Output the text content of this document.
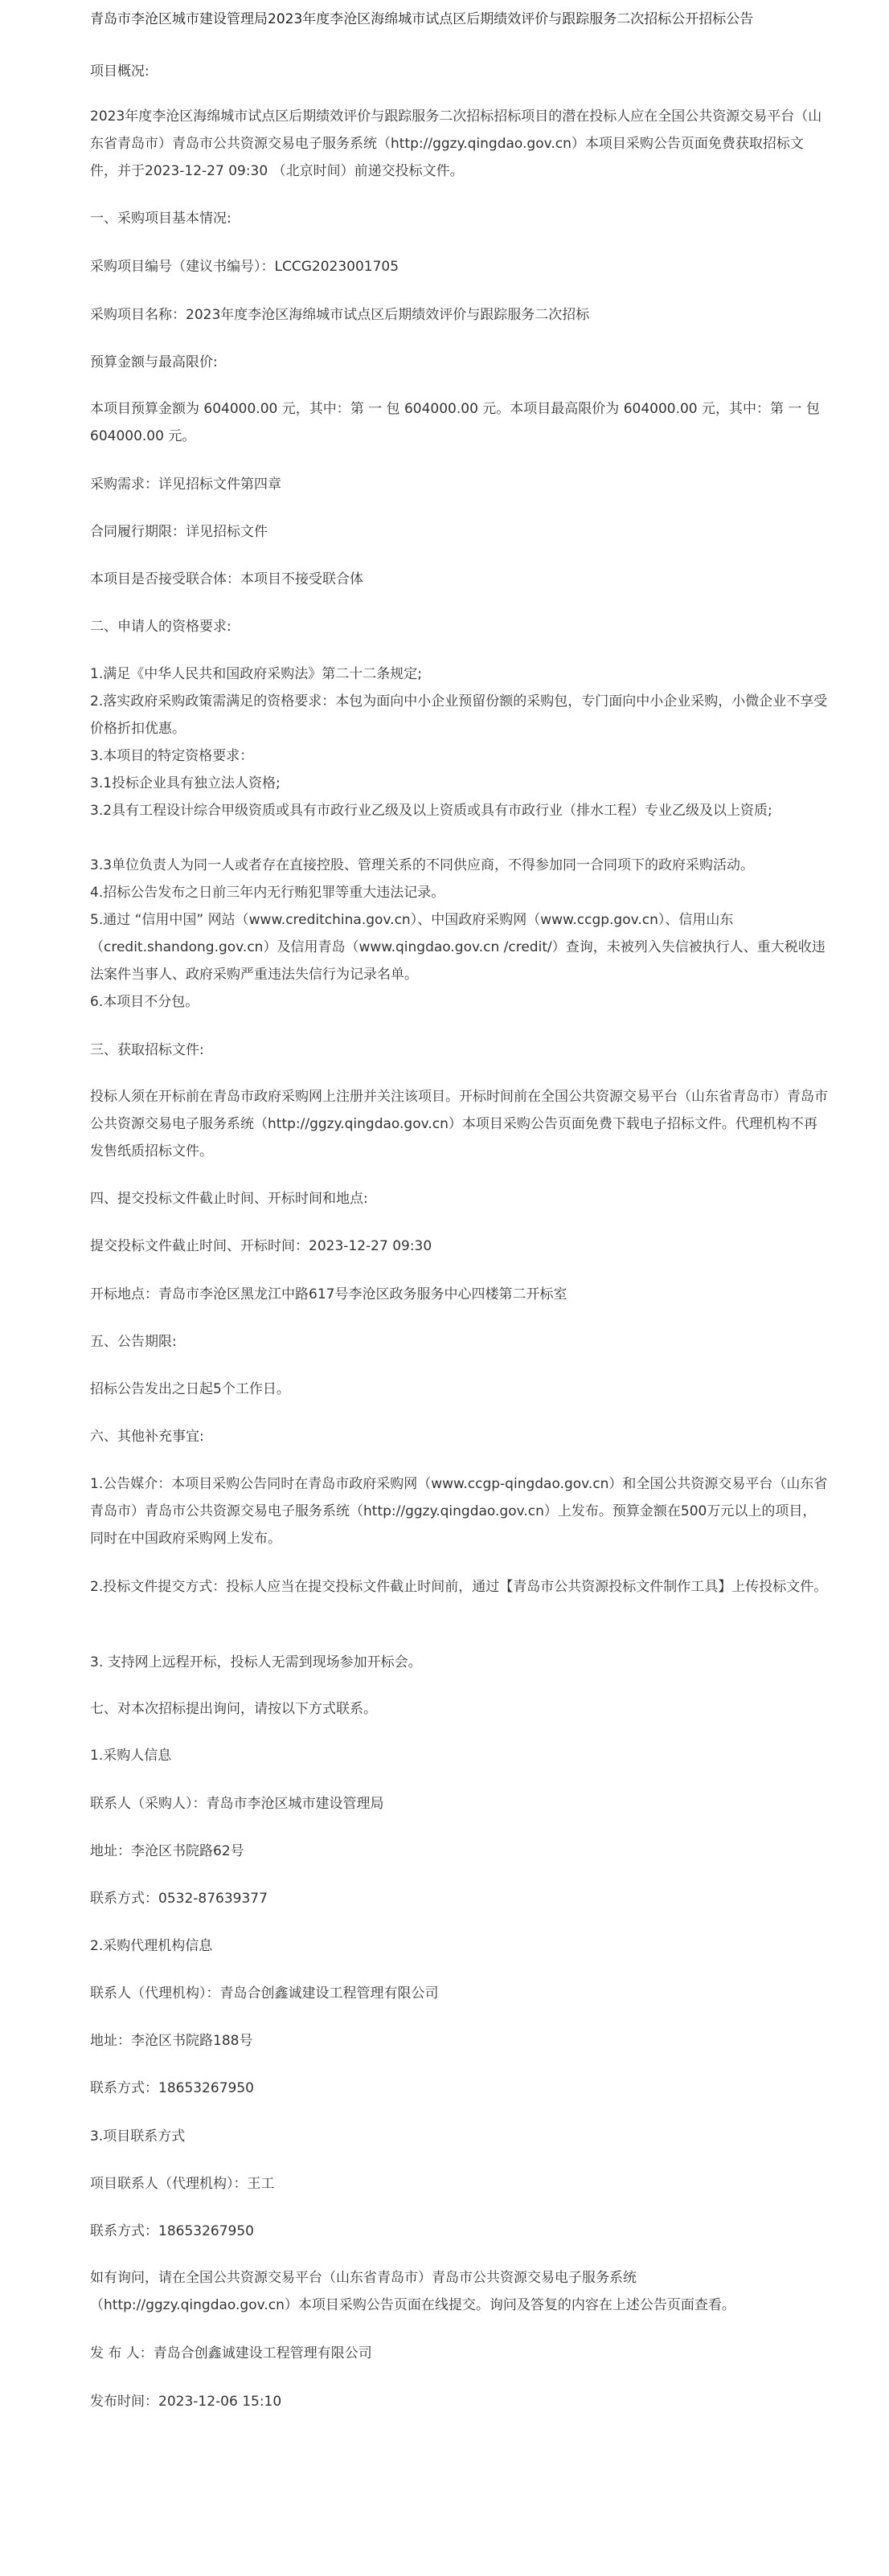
青岛市李沧区城市建设管理局2023年度李沧区海绵城市试点区后期绩效评价与跟踪服务二次招标公开招标公告
项目概况:
2023年度李沧区海绵城市试点区后期绩效评价与跟踪服务二次招标招标项目的潜在投标人应在全国公共资源交易平台（山东省青岛市）青岛市公共资源交易电子服务系统（http://ggzy.qingdao.gov.cn）本项目采购公告页面免费获取招标文件，并于2023-12-27 09:30 （北京时间）前递交投标文件。
一、采购项目基本情况:
采购项目编号（建议书编号）：LCCG2023001705
采购项目名称：2023年度李沧区海绵城市试点区后期绩效评价与跟踪服务二次招标
预算金额与最高限价:
本项目预算金额为 604000.00 元，其中：第 一 包 604000.00 元。本项目最高限价为 604000.00 元，其中：第 一 包 604000.00 元。
采购需求：详见招标文件第四章
合同履行期限：详见招标文件
本项目是否接受联合体：本项目不接受联合体
二、申请人的资格要求:
1.满足《中华人民共和国政府采购法》第二十二条规定;
2.落实政府采购政策需满足的资格要求：本包为面向中小企业预留份额的采购包，专门面向中小企业采购，小微企业不享受价格折扣优惠。
3.本项目的特定资格要求：
3.1投标企业具有独立法人资格;
3.2具有工程设计综合甲级资质或具有市政行业乙级及以上资质或具有市政行业（排水工程）专业乙级及以上资质;
3.3单位负责人为同一人或者存在直接控股、管理关系的不同供应商，不得参加同一合同项下的政府采购活动。
4.招标公告发布之日前三年内无行贿犯罪等重大违法记录。
5.通过 “信用中国” 网站（www.creditchina.gov.cn）、中国政府采购网（www.ccgp.gov.cn）、信用山东（credit.shandong.gov.cn）及信用青岛（www.qingdao.gov.cn /credit/）查询，未被列入失信被执行人、重大税收违法案件当事人、政府采购严重违法失信行为记录名单。
6.本项目不分包。
三、获取招标文件:
投标人须在开标前在青岛市政府采购网上注册并关注该项目。开标时间前在全国公共资源交易平台（山东省青岛市）青岛市公共资源交易电子服务系统（http://ggzy.qingdao.gov.cn）本项目采购公告页面免费下载电子招标文件。代理机构不再发售纸质招标文件。
四、提交投标文件截止时间、开标时间和地点:
提交投标文件截止时间、开标时间：2023-12-27 09:30
开标地点：青岛市李沧区黑龙江中路617号李沧区政务服务中心四楼第二开标室
五、公告期限:
招标公告发出之日起5个工作日。
六、其他补充事宜:
1.公告媒介：本项目采购公告同时在青岛市政府采购网（www.ccgp-qingdao.gov.cn）和全国公共资源交易平台（山东省青岛市）青岛市公共资源交易电子服务系统（http://ggzy.qingdao.gov.cn）上发布。预算金额在500万元以上的项目，同时在中国政府采购网上发布。
2.投标文件提交方式：投标人应当在提交投标文件截止时间前，通过【青岛市公共资源投标文件制作工具】上传投标文件。
3. 支持网上远程开标，投标人无需到现场参加开标会。
七、对本次招标提出询问，请按以下方式联系。
1.采购人信息
联系人（采购人）：青岛市李沧区城市建设管理局
地址：李沧区书院路62号
联系方式：0532-87639377
2.采购代理机构信息
联系人（代理机构）：青岛合创鑫诚建设工程管理有限公司
地址：李沧区书院路188号
联系方式：18653267950
3.项目联系方式
项目联系人（代理机构）：王工
联系方式：18653267950
如有询问，请在全国公共资源交易平台（山东省青岛市）青岛市公共资源交易电子服务系统（http://ggzy.qingdao.gov.cn）本项目采购公告页面在线提交。询问及答复的内容在上述公告页面查看。
发 布 人：青岛合创鑫诚建设工程管理有限公司
发布时间：2023-12-06 15:10
